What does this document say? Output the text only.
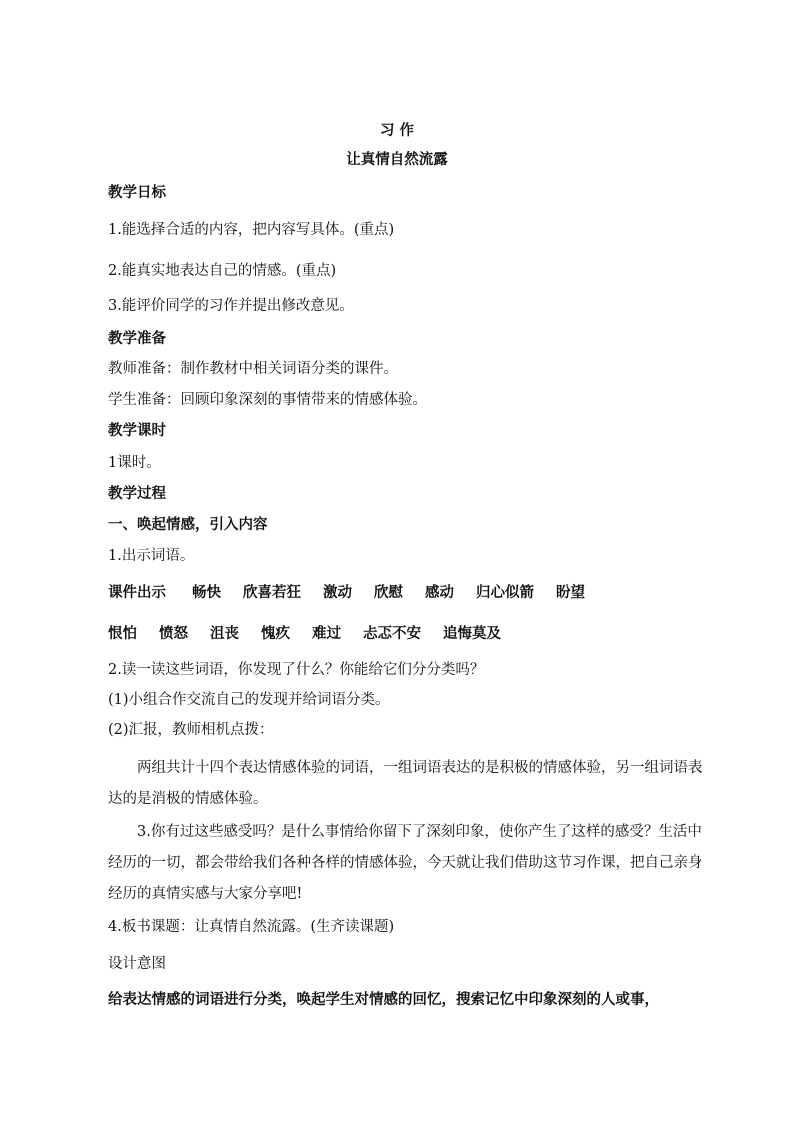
习 作
让真情自然流露
教学日标
1.能选择合适的内容，把内容写具体。(重点)
2.能真实地表达自己的情感。(重点)
3.能评价同学的习作并提出修改意见。
教学准备
教师准备：制作教材中相关词语分类的课件。
学生准备：回顾印象深刻的事情带来的情感体验。
教学课时
1课时。
教学过程
一、唤起情感，引入内容
1.出示词语。
课件出示 畅快 欣喜若狂 激动 欣慰 感动 归心似箭 盼望
恨怕 愤怒 沮丧 愧疚 难过 忐忑不安 追悔莫及
2.读一读这些词语，你发现了什么？你能给它们分分类吗？
(1)小组合作交流自己的发现并给词语分类。
(2)汇报，教师相机点拨：
两组共计十四个表达情感体验的词语，一组词语表达的是积极的情感体验，另一组词语表达的是消极的情感体验。
3.你有过这些感受吗？是什么事情给你留下了深刻印象，使你产生了这样的感受？生活中经历的一切，都会带给我们各种各样的情感体验，今天就让我们借助这节习作课，把自己亲身经历的真情实感与大家分享吧!
4.板书课题：让真情自然流露。(生齐读课题)
设计意图
给表达情感的词语进行分类，唤起学生对情感的回忆，搜索记忆中印象深刻的人或事，
